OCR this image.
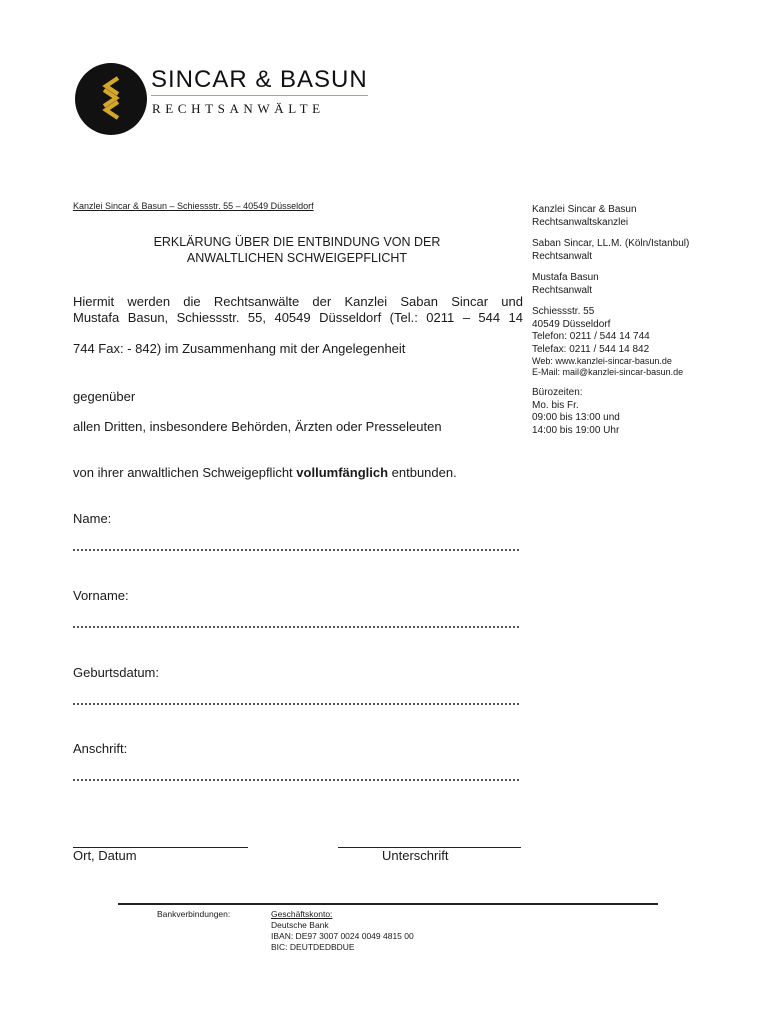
SINCAR & BASUN
RECHTSANWÄLTE
Kanzlei Sincar & Basun – Schiessstr. 55 – 40549 Düsseldorf
ERKLÄRUNG ÜBER DIE ENTBINDUNG VON DER
ANWALTLICHEN SCHWEIGEPFLICHT
Hiermit werden die Rechtsanwälte der Kanzlei Saban Sincar und
Mustafa Basun, Schiessstr. 55, 40549 Düsseldorf (Tel.: 0211 – 544 14
744 Fax: - 842) im Zusammenhang mit der Angelegenheit
gegenüber
allen Dritten, insbesondere Behörden, Ärzten oder Presseleuten
von ihrer anwaltlichen Schweigepflicht vollumfänglich entbunden.
Name:
Vorname:
Geburtsdatum:
Anschrift:
Ort, Datum	Unterschrift
Kanzlei Sincar & Basun
Rechtsanwaltskanzlei
Saban Sincar, LL.M. (Köln/Istanbul)
Rechtsanwalt
Mustafa Basun
Rechtsanwalt
Schiessstr. 55
40549 Düsseldorf
Telefon: 0211 / 544 14 744
Telefax: 0211 / 544 14 842
Web: www.kanzlei-sincar-basun.de
E-Mail: mail@kanzlei-sincar-basun.de
Bürozeiten:
Mo. bis Fr.
09:00 bis 13:00 und
14:00 bis 19:00 Uhr
Bankverbindungen:	Geschäftskonto:
Deutsche Bank
IBAN: DE97 3007 0024 0049 4815 00
BIC: DEUTDEDBDUE
